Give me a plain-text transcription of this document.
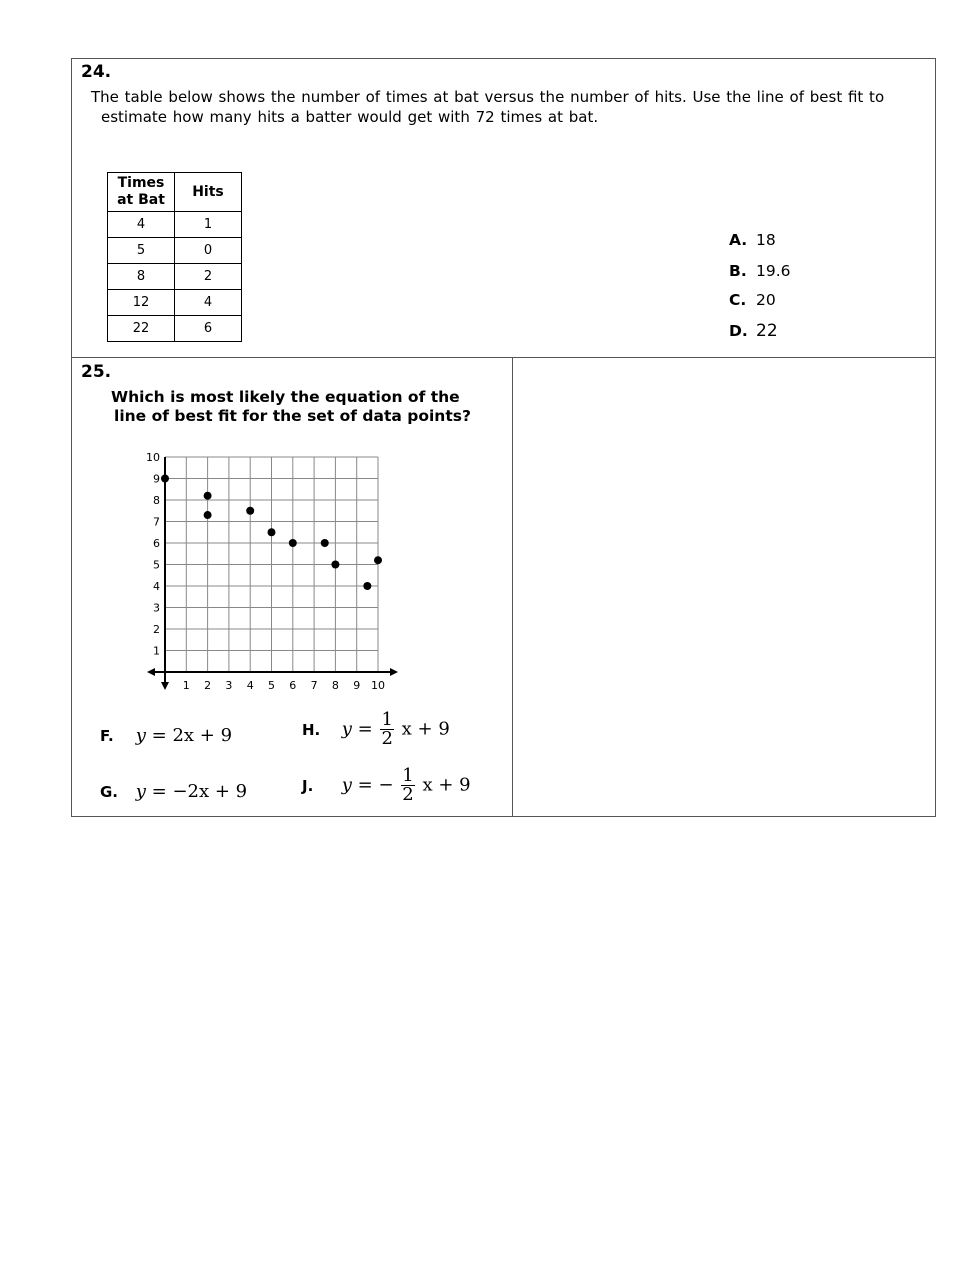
24.
The table below shows the number of times at bat versus the number of hits. Use the line of best fit to
estimate how many hits a batter would get with 72 times at bat.
Times
at Bat	Hits
4	1
5	0
8	2
12	4
22	6
A. 18
B. 19.6
C. 20
D. 22
25.
Which is most likely the equation of the
line of best fit for the set of data points?
1 2 3 4 5 6 7 8 9 10
1
2
3
4
5
6
7
8
9
10
F. y = 2x + 9
G. y = −2x + 9
H. $y = \frac{1}{2}$ x + 9
J. y = − $\frac{1}{2}$ x + 9
